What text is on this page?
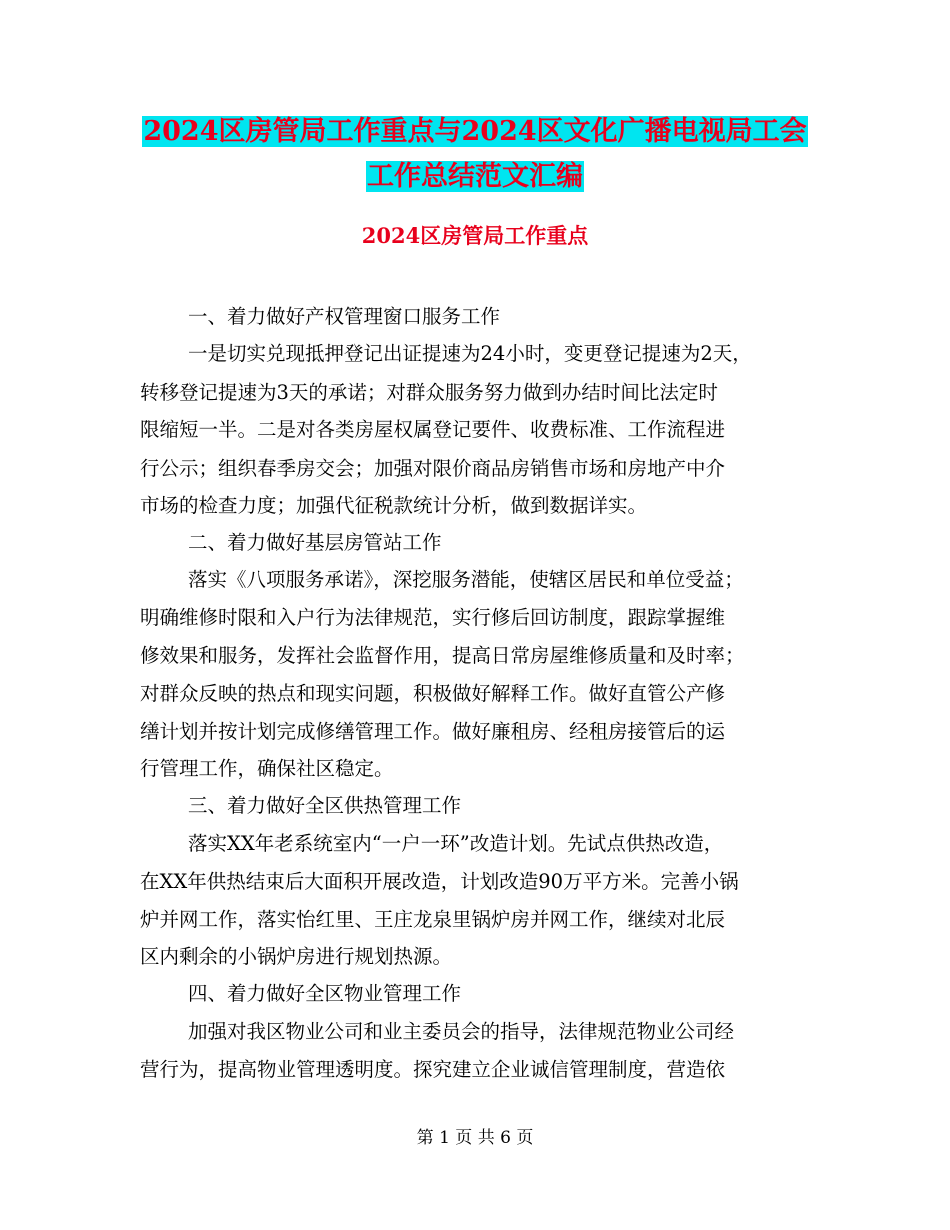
2024区房管局工作重点与2024区文化广播电视局工会
工作总结范文汇编
2024区房管局工作重点
一、着力做好产权管理窗口服务工作
一是切实兑现抵押登记出证提速为24小时，变更登记提速为2天，
转移登记提速为3天的承诺；对群众服务努力做到办结时间比法定时
限缩短一半。二是对各类房屋权属登记要件、收费标准、工作流程进
行公示；组织春季房交会；加强对限价商品房销售市场和房地产中介
市场的检查力度；加强代征税款统计分析，做到数据详实。
二、着力做好基层房管站工作
落实《八项服务承诺》，深挖服务潜能，使辖区居民和单位受益；
明确维修时限和入户行为法律规范，实行修后回访制度，跟踪掌握维
修效果和服务，发挥社会监督作用，提高日常房屋维修质量和及时率；
对群众反映的热点和现实问题，积极做好解释工作。做好直管公产修
缮计划并按计划完成修缮管理工作。做好廉租房、经租房接管后的运
行管理工作，确保社区稳定。
三、着力做好全区供热管理工作
落实XX年老系统室内“一户一环”改造计划。先试点供热改造，
在XX年供热结束后大面积开展改造，计划改造90万平方米。完善小锅
炉并网工作，落实怡红里、王庄龙泉里锅炉房并网工作，继续对北辰
区内剩余的小锅炉房进行规划热源。
四、着力做好全区物业管理工作
加强对我区物业公司和业主委员会的指导，法律规范物业公司经
营行为，提高物业管理透明度。探究建立企业诚信管理制度，营造依
第 1 页 共 6 页
